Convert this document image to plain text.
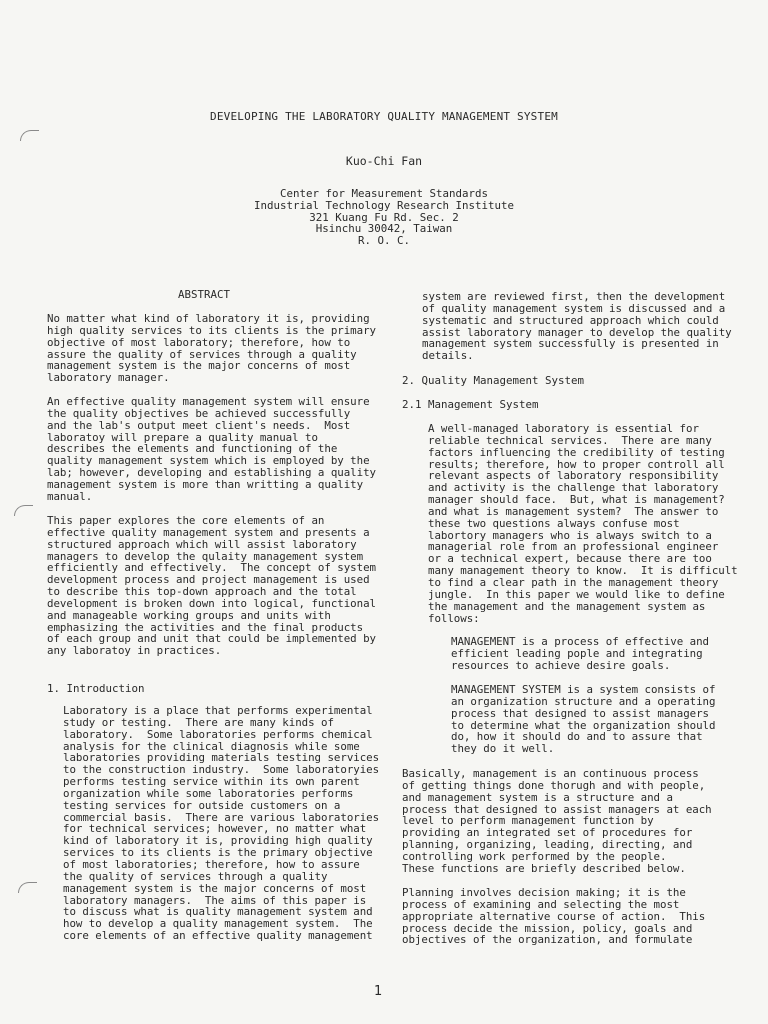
DEVELOPING THE LABORATORY QUALITY MANAGEMENT SYSTEM
Kuo-Chi Fan
Center for Measurement Standards
Industrial Technology Research Institute
321 Kuang Fu Rd. Sec. 2
Hsinchu 30042, Taiwan
R. O. C.
ABSTRACT
No matter what kind of laboratory it is, providing
high quality services to its clients is the primary
objective of most laboratory; therefore, how to
assure the quality of services through a quality
management system is the major concerns of most
laboratory manager.
An effective quality management system will ensure
the quality objectives be achieved successfully
and the lab's output meet client's needs.  Most
laboratoy will prepare a quality manual to
describes the elements and functioning of the
quality management system which is employed by the
lab; however, developing and establishing a quality
management system is more than writting a quality
manual.
This paper explores the core elements of an
effective quality management system and presents a
structured approach which will assist laboratory
managers to develop the qulaity management system
efficiently and effectively.  The concept of system
development process and project management is used
to describe this top-down approach and the total
development is broken down into logical, functional
and manageable working groups and units with
emphasizing the activities and the final products
of each group and unit that could be implemented by
any laboratoy in practices.
1. Introduction
Laboratory is a place that performs experimental
study or testing.  There are many kinds of
laboratory.  Some laboratories performs chemical
analysis for the clinical diagnosis while some
laboratories providing materials testing services
to the construction industry.  Some laboratoryies
performs testing service within its own parent
organization while some laboratories performs
testing services for outside customers on a
commercial basis.  There are various laboratories
for technical services; however, no matter what
kind of laboratory it is, providing high quality
services to its clients is the primary objective
of most laboratories; therefore, how to assure
the quality of services through a quality
management system is the major concerns of most
laboratory managers.  The aims of this paper is
to discuss what is quality management system and
how to develop a quality management system.  The
core elements of an effective quality management
system are reviewed first, then the development
of quality management system is discussed and a
systematic and structured approach which could
assist laboratory manager to develop the quality
management system successfully is presented in
details.
2. Quality Management System
2.1 Management System
A well-managed laboratory is essential for
reliable technical services.  There are many
factors influencing the credibility of testing
results; therefore, how to proper controll all
relevant aspects of laboratory responsibility
and activity is the challenge that laboratory
manager should face.  But, what is management?
and what is management system?  The answer to
these two questions always confuse most
labortory managers who is always switch to a
managerial role from an professional engineer
or a technical expert, because there are too
many management theory to know.  It is difficult
to find a clear path in the management theory
jungle.  In this paper we would like to define
the management and the management system as
follows:
MANAGEMENT is a process of effective and
efficient leading pople and integrating
resources to achieve desire goals.
MANAGEMENT SYSTEM is a system consists of
an organization structure and a operating
process that designed to assist managers
to determine what the organization should
do, how it should do and to assure that
they do it well.
Basically, management is an continuous process
of getting things done thorugh and with people,
and management system is a structure and a
process that designed to assist managers at each
level to perform management function by
providing an integrated set of procedures for
planning, organizing, leading, directing, and
controlling work performed by the people.
These functions are briefly described below.
Planning involves decision making; it is the
process of examining and selecting the most
appropriate alternative course of action.  This
process decide the mission, policy, goals and
objectives of the organization, and formulate
1
